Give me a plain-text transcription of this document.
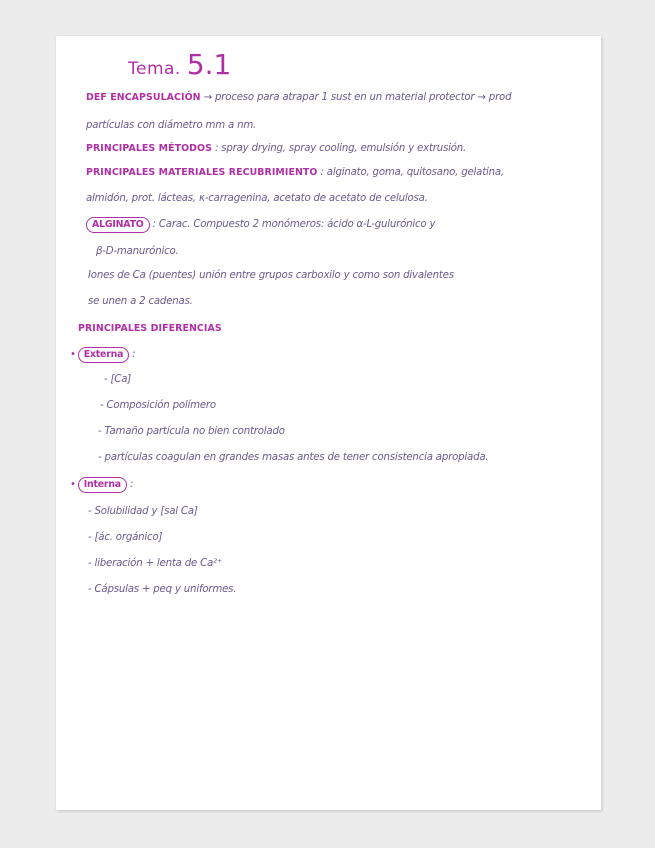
Tema. 5.1
DEF ENCAPSULACIÓN → proceso para atrapar 1 sust en un material protector → prod
partículas con diámetro mm a nm.
PRINCIPALES MÉTODOS : spray drying, spray cooling, emulsión y extrusión.
PRINCIPALES MATERIALES RECUBRIMIENTO : alginato, goma, quitosano, gelatina,
almidón, prot. lácteas, κ-carragenina, acetato de acetato de celulosa.
ALGINATO : Carac. Compuesto 2 monómeros: ácido α-L-gulurónico y
β-D-manurónico.
Iones de Ca (puentes) unión entre grupos carboxilo y como son divalentes
se unen a 2 cadenas.
PRINCIPALES DIFERENCIAS
• Externa :
- [Ca]
- Composición polímero
- Tamaño partícula no bien controlado
- partículas coagulan en grandes masas antes de tener consistencia apropiada.
• Interna :
- Solubilidad y [sal Ca]
- [ác. orgánico]
- liberación + lenta de Ca²⁺
- Cápsulas + peq y uniformes.
